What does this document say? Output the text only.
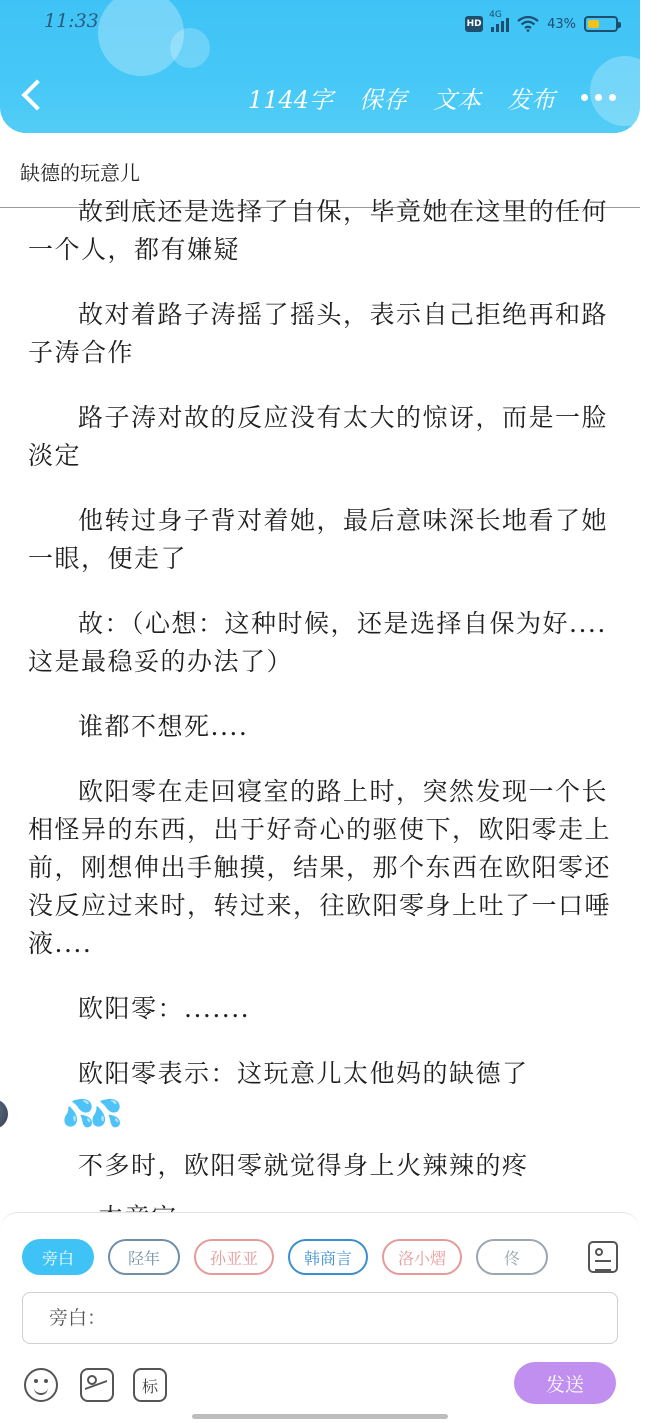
11:33	HD
4G
43%
1144字 保存 文本 发布
缺德的玩意儿

故到底还是选择了自保，毕竟她在这里的任何一个人，都有嫌疑

故对着路子涛摇了摇头，表示自己拒绝再和路子涛合作

路子涛对故的反应没有太大的惊讶，而是一脸淡定

他转过身子背对着她，最后意味深长地看了她一眼，便走了

故：（心想：这种时候，还是选择自保为好....这是最稳妥的办法了）

谁都不想死....

欧阳零在走回寝室的路上时，突然发现一个长相怪异的东西，出于好奇心的驱使下，欧阳零走上前，刚想伸出手触摸，结果，那个东西在欧阳零还没反应过来时，转过来，往欧阳零身上吐了一口唾液....

欧阳零：.......

欧阳零表示：这玩意儿太他妈的缺德了
💦💦

不多时，欧阳零就觉得身上火辣辣的疼

旁白	陉年	孙亚亚	韩商言	洛小熠	佟
旁白：
标	发送
